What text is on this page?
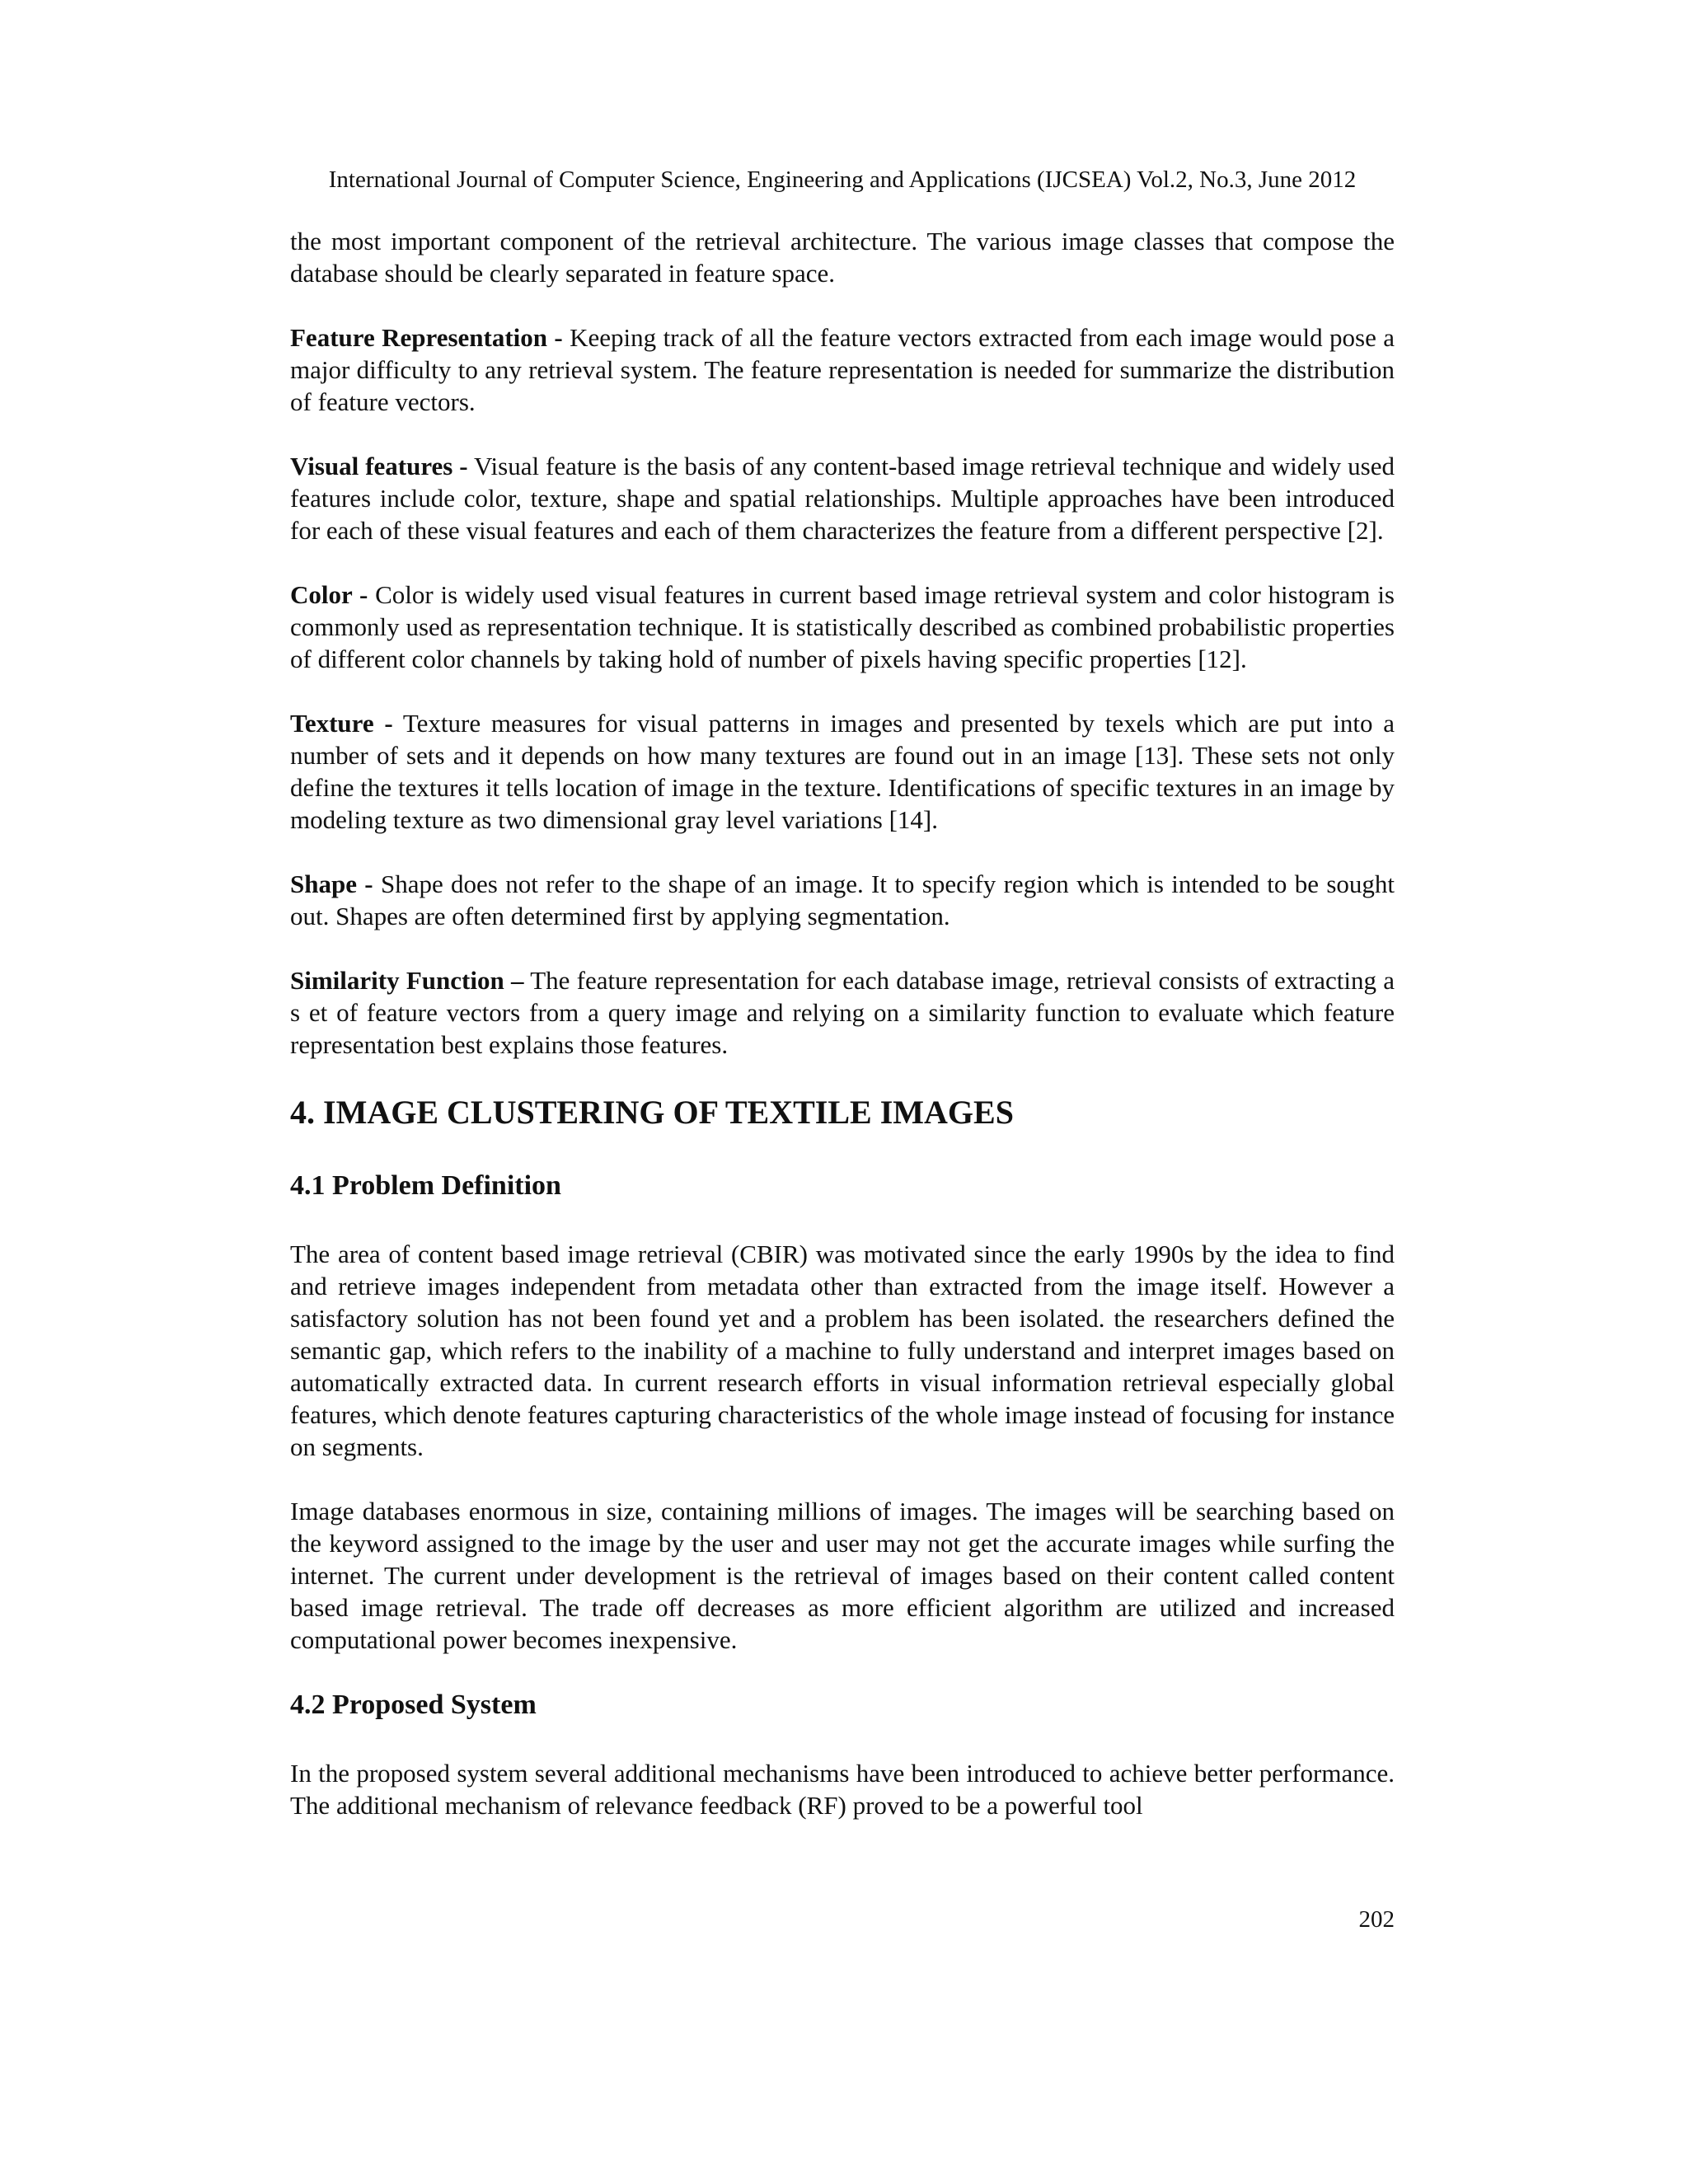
International Journal of Computer Science, Engineering and Applications (IJCSEA) Vol.2, No.3, June 2012

the most important component of the retrieval architecture. The various image classes that compose the database should be clearly separated in feature space.

Feature Representation - Keeping track of all the feature vectors extracted from each image would pose a major difficulty to any retrieval system. The feature representation is needed for summarize the distribution of feature vectors.

Visual features - Visual feature is the basis of any content-based image retrieval technique and widely used features include color, texture, shape and spatial relationships. Multiple approaches have been introduced for each of these visual features and each of them characterizes the feature from a different perspective [2].

Color - Color is widely used visual features in current based image retrieval system and color histogram is commonly used as representation technique. It is statistically described as combined probabilistic properties of different color channels by taking hold of number of pixels having specific properties [12].

Texture - Texture measures for visual patterns in images and presented by texels which are put into a number of sets and it depends on how many textures are found out in an image [13]. These sets not only define the textures it tells location of image in the texture. Identifications of specific textures in an image by modeling texture as two dimensional gray level variations [14].

Shape - Shape does not refer to the shape of an image. It to specify region which is intended to be sought out. Shapes are often determined first by applying segmentation.

Similarity Function – The feature representation for each database image, retrieval consists of extracting a s et of feature vectors from a query image and relying on a similarity function to evaluate which feature representation best explains those features.

4. IMAGE CLUSTERING OF TEXTILE IMAGES
4.1 Problem Definition

The area of content based image retrieval (CBIR) was motivated since the early 1990s by the idea to find and retrieve images independent from metadata other than extracted from the image itself. However a satisfactory solution has not been found yet and a problem has been isolated. the researchers defined the semantic gap, which refers to the inability of a machine to fully understand and interpret images based on automatically extracted data. In current research efforts in visual information retrieval especially global features, which denote features capturing characteristics of the whole image instead of focusing for instance on segments.

Image databases enormous in size, containing millions of images. The images will be searching based on the keyword assigned to the image by the user and user may not get the accurate images while surfing the internet. The current under development is the retrieval of images based on their content called content based image retrieval. The trade off decreases as more efficient algorithm are utilized and increased computational power becomes inexpensive.

4.2 Proposed System

In the proposed system several additional mechanisms have been introduced to achieve better performance. The additional mechanism of relevance feedback (RF) proved to be a powerful tool

202
